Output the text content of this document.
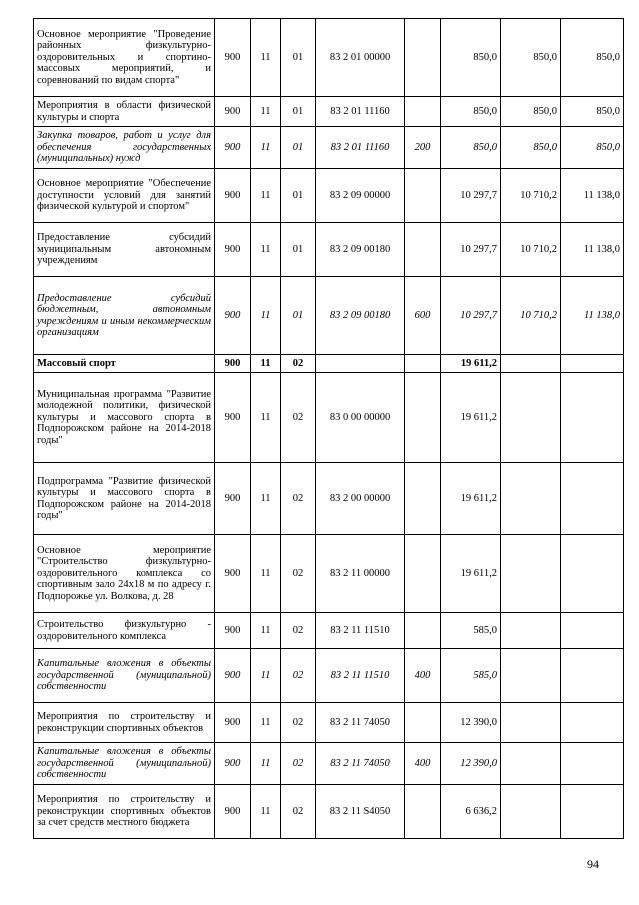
Основное мероприятие "Проведение районных физкультурно-оздоровительных и спортино-массовых мероприятий, и соревнований по видам спорта"	900	11	01	83 2 01 00000		850,0	850,0	850,0
Мероприятия в области физической культуры и спорта	900	11	01	83 2 01 11160		850,0	850,0	850,0
Закупка товаров, работ и услуг для обеспечения государственных (муниципальных) нужд	900	11	01	83 2 01 11160	200	850,0	850,0	850,0
Основное мероприятие "Обеспечение доступности условий для занятий физической культурой и спортом"	900	11	01	83 2 09 00000		10 297,7	10 710,2	11 138,0
Предоставление субсидий муниципальным автономным учреждениям	900	11	01	83 2 09 00180		10 297,7	10 710,2	11 138,0
Предоставление субсидий бюджетным, автономным учреждениям и иным некоммерческим организациям	900	11	01	83 2 09 00180	600	10 297,7	10 710,2	11 138,0
Массовый спорт	900	11	02			19 611,2		
Муниципальная программа "Развитие молодежной политики, физической культуры и массового спорта в Подпорожском районе на 2014-2018 годы"	900	11	02	83 0 00 00000		19 611,2		
Подпрограмма "Развитие физической культуры и массового спорта в Подпорожском районе на 2014-2018 годы"	900	11	02	83 2 00 00000		19 611,2		
Основное мероприятие "Строительство физкультурно-оздоровительного комплекса со спортивным зало 24х18 м по адресу г. Подпорожье ул. Волкова, д. 28	900	11	02	83 2 11 00000		19 611,2		
Строительство физкультурно - оздоровительного комплекса	900	11	02	83 2 11 11510		585,0		
Капитальные вложения в объекты государственной (муниципальной) собственности	900	11	02	83 2 11 11510	400	585,0		
Мероприятия по строительству и реконструкции спортивных объектов	900	11	02	83 2 11 74050		12 390,0		
Капитальные вложения в объекты государственной (муниципальной) собственности	900	11	02	83 2 11 74050	400	12 390,0		
Мероприятия по строительству и реконструкции спортивных объектов за счет средств местного бюджета	900	11	02	83 2 11 S4050		6 636,2		
94
